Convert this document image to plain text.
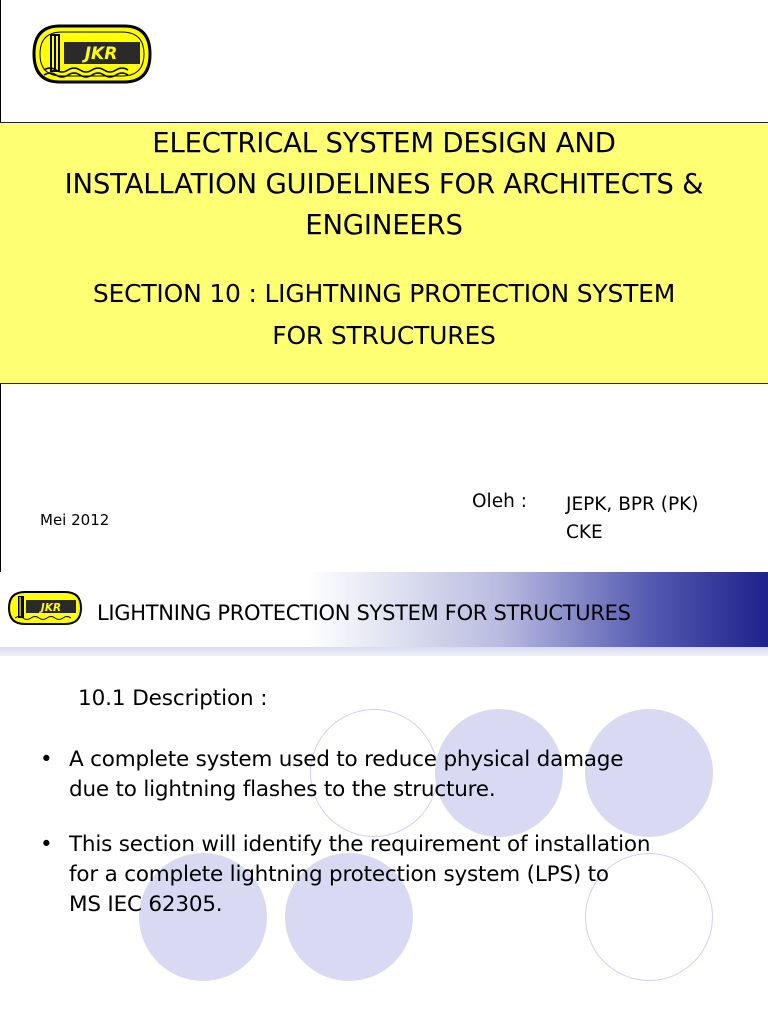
JKR

ELECTRICAL SYSTEM DESIGN AND
INSTALLATION GUIDELINES FOR ARCHITECTS &
ENGINEERS

SECTION 10 : LIGHTNING PROTECTION SYSTEM
FOR STRUCTURES

Mei 2012
Oleh : JEPK, BPR (PK)
CKE
JKR LIGHTNING PROTECTION SYSTEM FOR STRUCTURES
10.1 Description :
• A complete system used to reduce physical damage
due to lightning flashes to the structure.
• This section will identify the requirement of installation
for a complete lightning protection system (LPS) to
MS IEC 62305.
